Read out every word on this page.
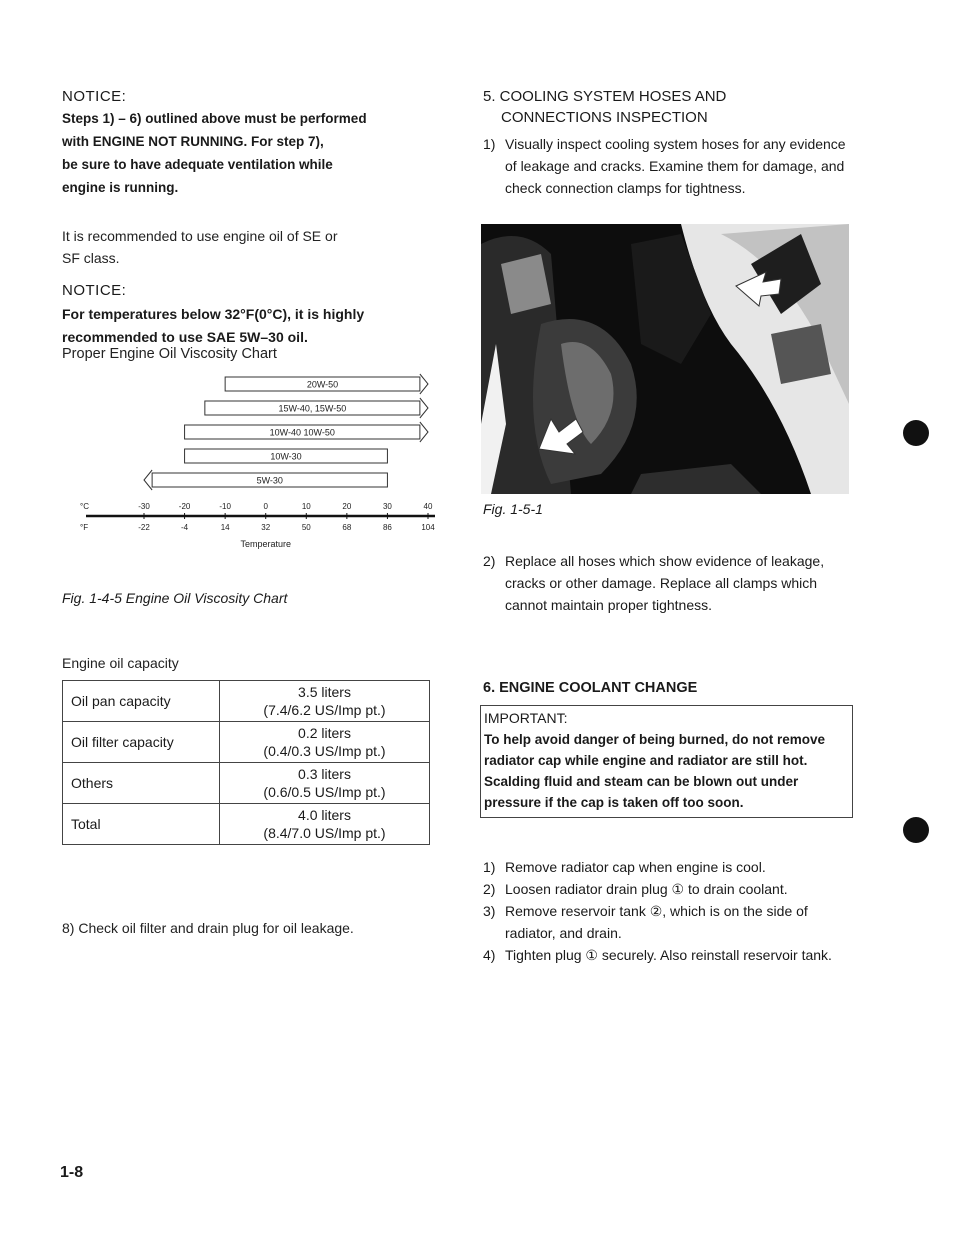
NOTICE:
Steps 1) – 6) outlined above must be performed
with ENGINE NOT RUNNING. For step 7),
be sure to have adequate ventilation while
engine is running.
It is recommended to use engine oil of SE or
SF class.
NOTICE:
For temperatures below 32°F(0°C), it is highly
recommended to use SAE 5W–30 oil.
Proper Engine Oil Viscosity Chart
20W-50
15W-40, 15W-50
10W-40 10W-50
10W-30
5W-30
°C	-30	-20	-10	0	10	20	30	40
°F	-22	-4	14	32	50	68	86	104
Temperature
Fig. 1-4-5 Engine Oil Viscosity Chart
Engine oil capacity
Oil pan capacity	3.5 liters
(7.4/6.2 US/Imp pt.)

Oil filter capacity	0.2 liters
(0.4/0.3 US/Imp pt.)

Others	0.3 liters
(0.6/0.5 US/Imp pt.)

Total	4.0 liters
(8.4/7.0 US/Imp pt.)
8) Check oil filter and drain plug for oil leakage.
1-8
5. COOLING SYSTEM HOSES AND
CONNECTIONS INSPECTION
1) Visually inspect cooling system hoses for any evidence of leakage and cracks. Examine them for damage, and check connection clamps for tightness.
Fig. 1-5-1
2) Replace all hoses which show evidence of leakage, cracks or other damage. Replace all clamps which cannot maintain proper tightness.
6. ENGINE COOLANT CHANGE
IMPORTANT:
To help avoid danger of being burned, do not remove radiator cap while engine and radiator are still hot. Scalding fluid and steam can be blown out under pressure if the cap is taken off too soon.
1) Remove radiator cap when engine is cool.
2) Loosen radiator drain plug ① to drain coolant.
3) Remove reservoir tank ②, which is on the side of radiator, and drain.
4) Tighten plug ① securely. Also reinstall reservoir tank.
